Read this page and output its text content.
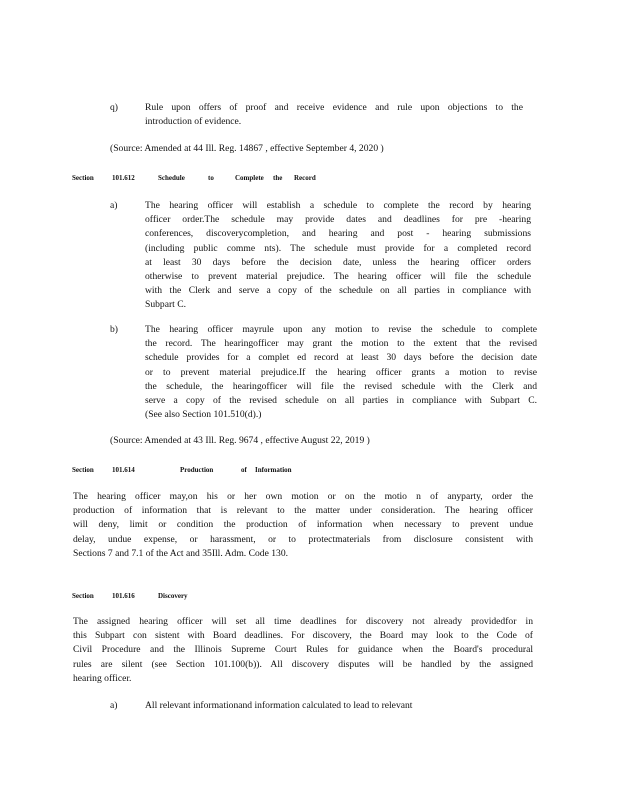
q)	Rule upon offers of proof and receive evidence and rule upon objections to the
introduction of evidence.
(Source: Amended at 44 Ill. Reg. 14867 , effective September 4, 2020 )
Section	101.612	Schedule	to	Complete the Record
a)	The hearing officer will establish a schedule to complete the record by hearing
officer order.The schedule may provide dates and deadlines for pre -hearing
conferences, discoverycompletion, and hearing and post - hearing submissions
(including public comme nts). The schedule must provide for a completed record
at least 30 days before the decision date, unless the hearing officer orders
otherwise to prevent material prejudice. The hearing officer will file the schedule
with the Clerk and serve a copy of the schedule on all parties in compliance with
Subpart C.
b)	The hearing officer mayrule upon any motion to revise the schedule to complete
the record. The hearingofficer may grant the motion to the extent that the revised
schedule provides for a complet ed record at least 30 days before the decision date
or to prevent material prejudice.If the hearing officer grants a motion to revise
the schedule, the hearingofficer will file the revised schedule with the Clerk and
serve a copy of the revised schedule on all parties in compliance with Subpart C.
(See also Section 101.510(d).)
(Source: Amended at 43 Ill. Reg. 9674 , effective August 22, 2019 )
Section	101.614	Production	of Information
The hearing officer may,on his or her own motion or on the motio n of anyparty, order the
production of information that is relevant to the matter under consideration. The hearing officer
will deny, limit or condition the production of information when necessary to prevent undue
delay, undue expense, or harassment, or to protectmaterials from disclosure consistent with
Sections 7 and 7.1 of the Act and 35Ill. Adm. Code 130.
Section	101.616	Discovery
The assigned hearing officer will set all time deadlines for discovery not already providedfor in
this Subpart con sistent with Board deadlines. For discovery, the Board may look to the Code of
Civil Procedure and the Illinois Supreme Court Rules for guidance when the Board's procedural
rules are silent (see Section 101.100(b)). All discovery disputes will be handled by the assigned
hearing officer.
a)	All relevant informationand information calculated to lead to relevant
